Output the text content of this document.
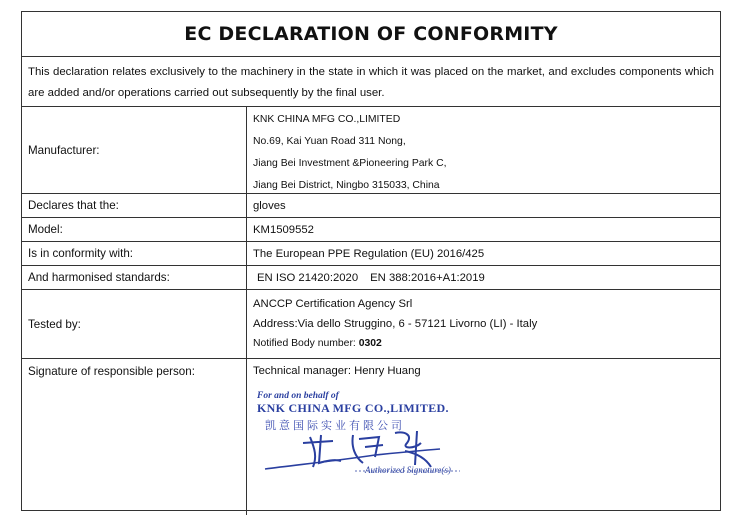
EC DECLARATION OF CONFORMITY
This declaration relates exclusively to the machinery in the state in which it was placed on the market, and excludes components which are added and/or operations carried out subsequently by the final user.
Manufacturer:
KNK CHINA MFG CO.,LIMITED
No.69, Kai Yuan Road 311 Nong,
Jiang Bei Investment &Pioneering Park C,
Jiang Bei District, Ningbo 315033, China
Declares that the:	gloves
Model:	KM1509552
Is in conformity with:	The European PPE Regulation (EU) 2016/425
And harmonised standards:	EN ISO 21420:2020 EN 388:2016+A1:2019
Tested by:
ANCCP Certification Agency Srl
Address:Via dello Struggino, 6 - 57121 Livorno (LI) - Italy
Notified Body number: 0302
Signature of responsible person:	Technical manager: Henry Huang
For and on behalf of
KNK CHINA MFG CO.,LIMITED.
凯意国际实业有限公司
Authorized Signature(s)
